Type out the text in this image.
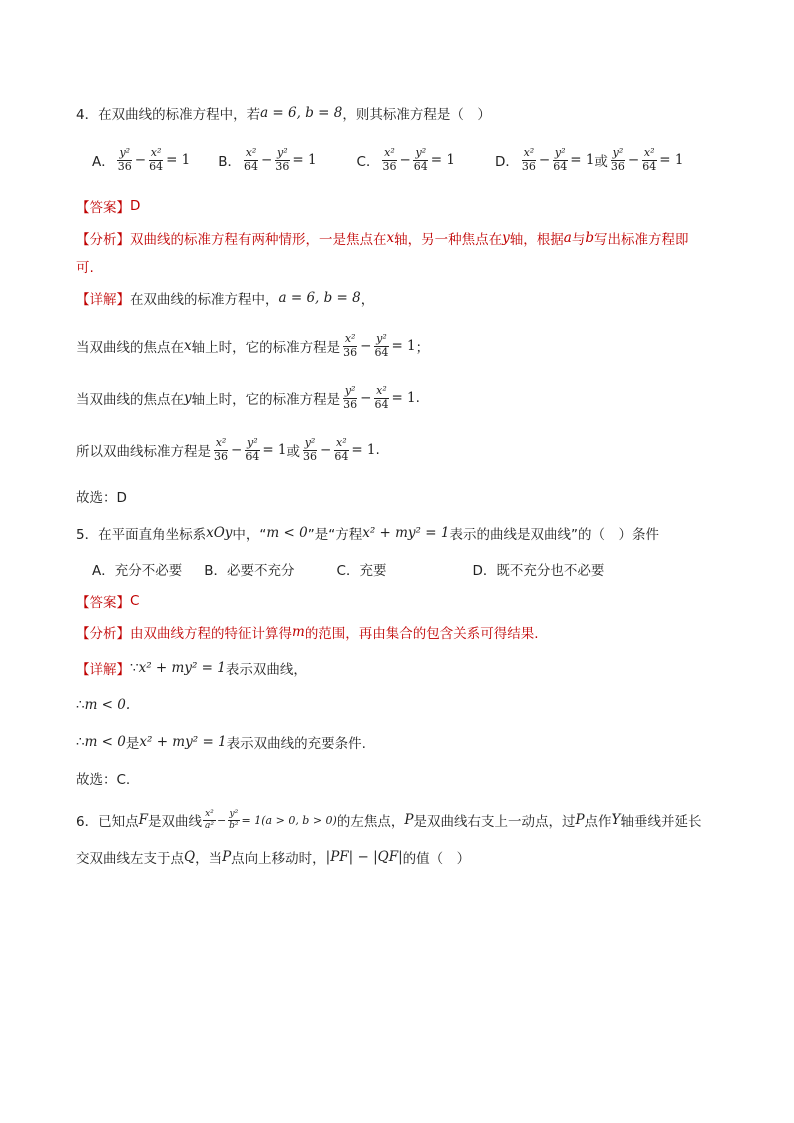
4．在双曲线的标准方程中，若 a = 6, b = 8 ，则其标准方程是（　）
A． $\frac{\text{y²}}{36} - \frac{\text{x²}}{64} = 1$ B． $\frac{\text{x²}}{64} - \frac{\text{y²}}{36} = 1$	C． $\frac{\text{x²}}{36} - \frac{\text{y²}}{64} = 1$	D． $\frac{\text{x²}}{36} - \frac{\text{y²}}{64} = 1$ 或 $\frac{\text{y²}}{36} - \frac{\text{x²}}{64} = 1$
【答案】 D
【分析】 双曲线的标准方程有两种情形，一是焦点在 x 轴，另一种焦点在 y 轴，根据 a 与 b 写出标准方程即
可.
【详解】 在双曲线的标准方程中， a = 6, b = 8 ，
当双曲线的焦点在 x 轴上时，它的标准方程是 $\frac{\text{x²}}{36} - \frac{\text{y²}}{64} = 1$ ；
当双曲线的焦点在 y 轴上时，它的标准方程是 $\frac{\text{y²}}{36} - \frac{\text{x²}}{64} = 1$ .
所以双曲线标准方程是 $\frac{\text{x²}}{36} - \frac{\text{y²}}{64} = 1$ 或 $\frac{\text{y²}}{36} - \frac{\text{x²}}{64} = 1$ .
故选：D
5．在平面直角坐标系 xOy 中，“ m < 0 ”是“方程 x² + my² = 1 表示的曲线是双曲线”的（　）条件
A．充分不必要 B．必要不充分	C．充要	D．既不充分也不必要
【答案】 C
【分析】 由双曲线方程的特征计算得 m 的范围，再由集合的包含关系可得结果.
【详解】 ∵ x² + my² = 1 表示双曲线，
∴ m < 0.
∴ m < 0 是 x² + my² = 1 表示双曲线的充要条件.
故选：C.
6．已知点 F 是双曲线 $\frac{\text{x²}}{\text{a²}} - \frac{\text{y²}}{\text{b²}} = 1(a > 0$, b > 0) 的左焦点， P 是双曲线右支上一动点，过 P 点作 Y 轴垂线并延长
交双曲线左支于点 Q ，当 P 点向上移动时， |PF| − |QF| 的值（　）
